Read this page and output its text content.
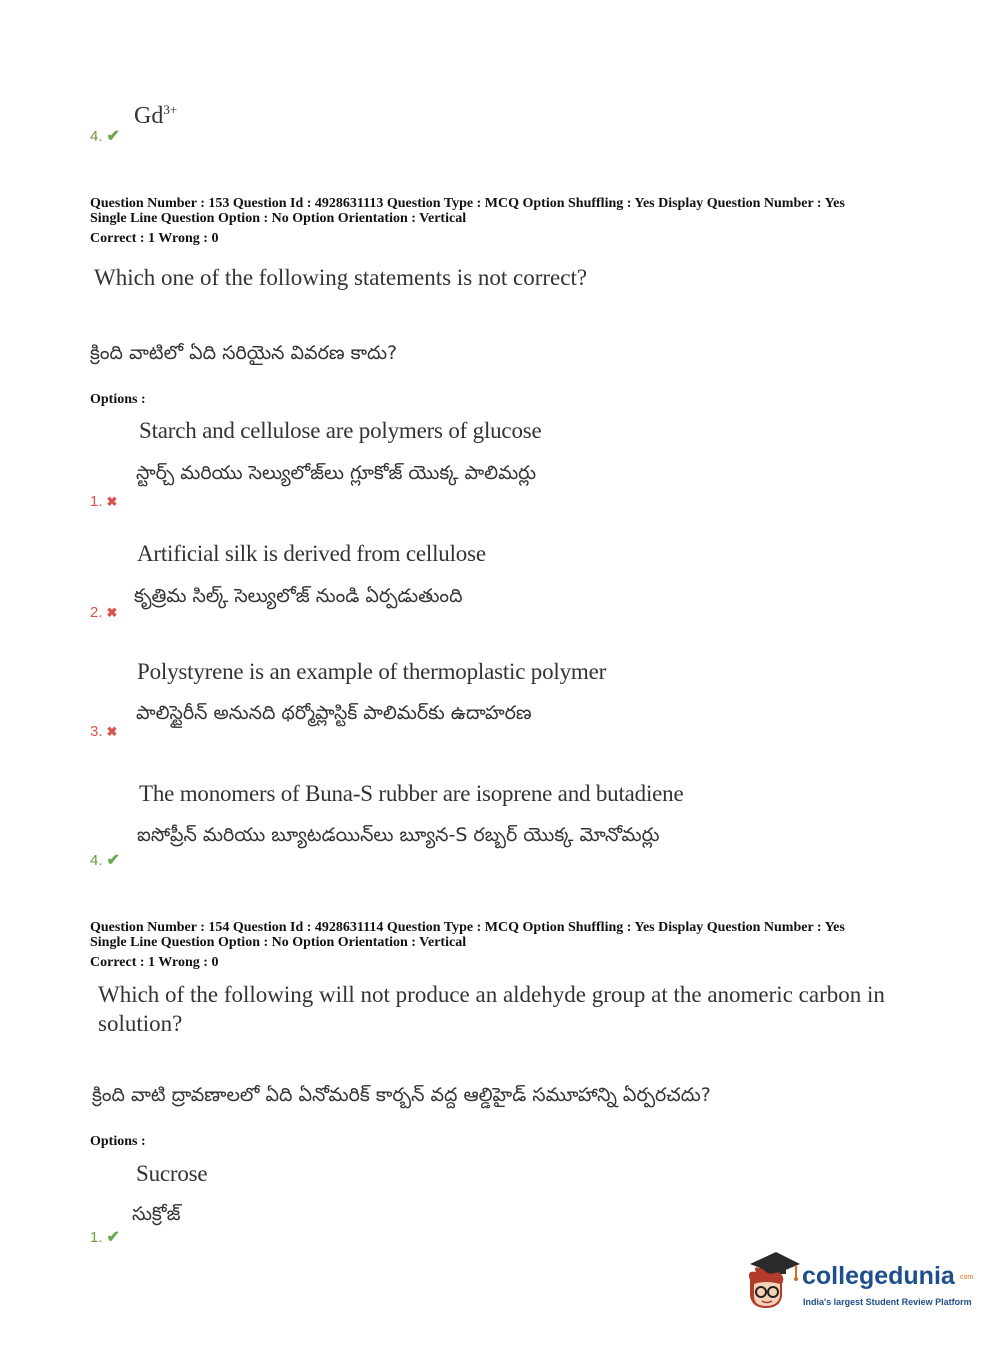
$Gd^{3+}$
4. ✔
Question Number : 153 Question Id : 4928631113 Question Type : MCQ Option Shuffling : Yes Display Question Number : Yes
Single Line Question Option : No Option Orientation : Vertical
Correct : 1 Wrong : 0
Which one of the following statements is not correct?
క్రింది వాటిలో ఏది సరియైన వివరణ కాదు?
Options :
Starch and cellulose are polymers of glucose
స్టార్చ్ మరియు సెల్యులోజ్‌లు గ్లూకోజ్ యొక్క పాలిమర్లు
1. ✖
Artificial silk is derived from cellulose
కృత్రిమ సిల్క్ సెల్యులోజ్ నుండి ఏర్పడుతుంది
2. ✖
Polystyrene is an example of thermoplastic polymer
పాలిస్టైరీన్ అనునది థర్మోప్లాస్టిక్ పాలిమర్‌కు ఉదాహరణ
3. ✖
The monomers of Buna-S rubber are isoprene and butadiene
ఐసోప్రీన్ మరియు బ్యూటడయిన్‌లు బ్యూన-S రబ్బర్ యొక్క మోనోమర్లు
4. ✔
Question Number : 154 Question Id : 4928631114 Question Type : MCQ Option Shuffling : Yes Display Question Number : Yes
Single Line Question Option : No Option Orientation : Vertical
Correct : 1 Wrong : 0
Which of the following will not produce an aldehyde group at the anomeric carbon in
solution?
క్రింది వాటి ద్రావణాలలో ఏది ఏనోమరిక్ కార్బన్ వద్ద ఆల్డిహైడ్ సమూహాన్ని ఏర్పరచదు?
Options :
Sucrose
సుక్రోజ్
1. ✔
collegedunia .com
India's largest Student Review Platform
